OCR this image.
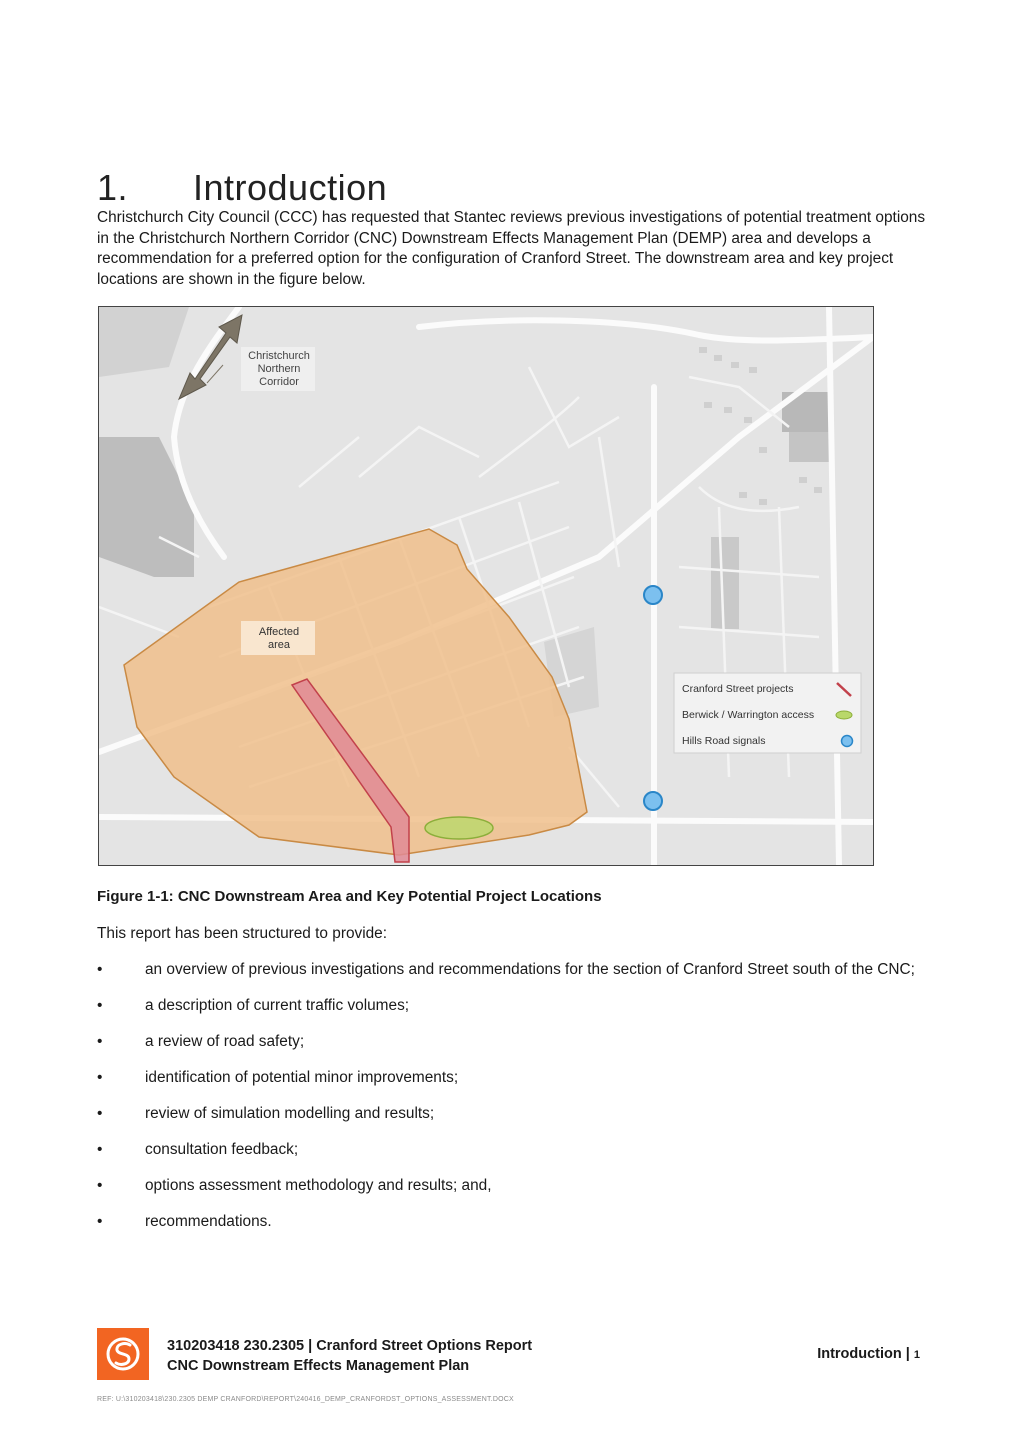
1. Introduction

Christchurch City Council (CCC) has requested that Stantec reviews previous investigations of potential treatment options in the Christchurch Northern Corridor (CNC) Downstream Effects Management Plan (DEMP) area and develops a recommendation for a preferred option for the configuration of Cranford Street. The downstream area and key project locations are shown in the figure below.

Christchurch
Northern
Corridor
Affected
area
Cranford Street projects
Berwick / Warrington access
Hills Road signals

Figure 1-1: CNC Downstream Area and Key Potential Project Locations

This report has been structured to provide:

•	an overview of previous investigations and recommendations for the section of Cranford Street south of the CNC;
•	a description of current traffic volumes;
•	a review of road safety;
•	identification of potential minor improvements;
•	review of simulation modelling and results;
•	consultation feedback;
•	options assessment methodology and results; and,
•	recommendations.

310203418 230.2305 | Cranford Street Options Report
CNC Downstream Effects Management Plan

Introduction | 1

REF: U:\310203418\230.2305 DEMP CRANFORD\REPORT\240416_DEMP_CRANFORDST_OPTIONS_ASSESSMENT.DOCX
